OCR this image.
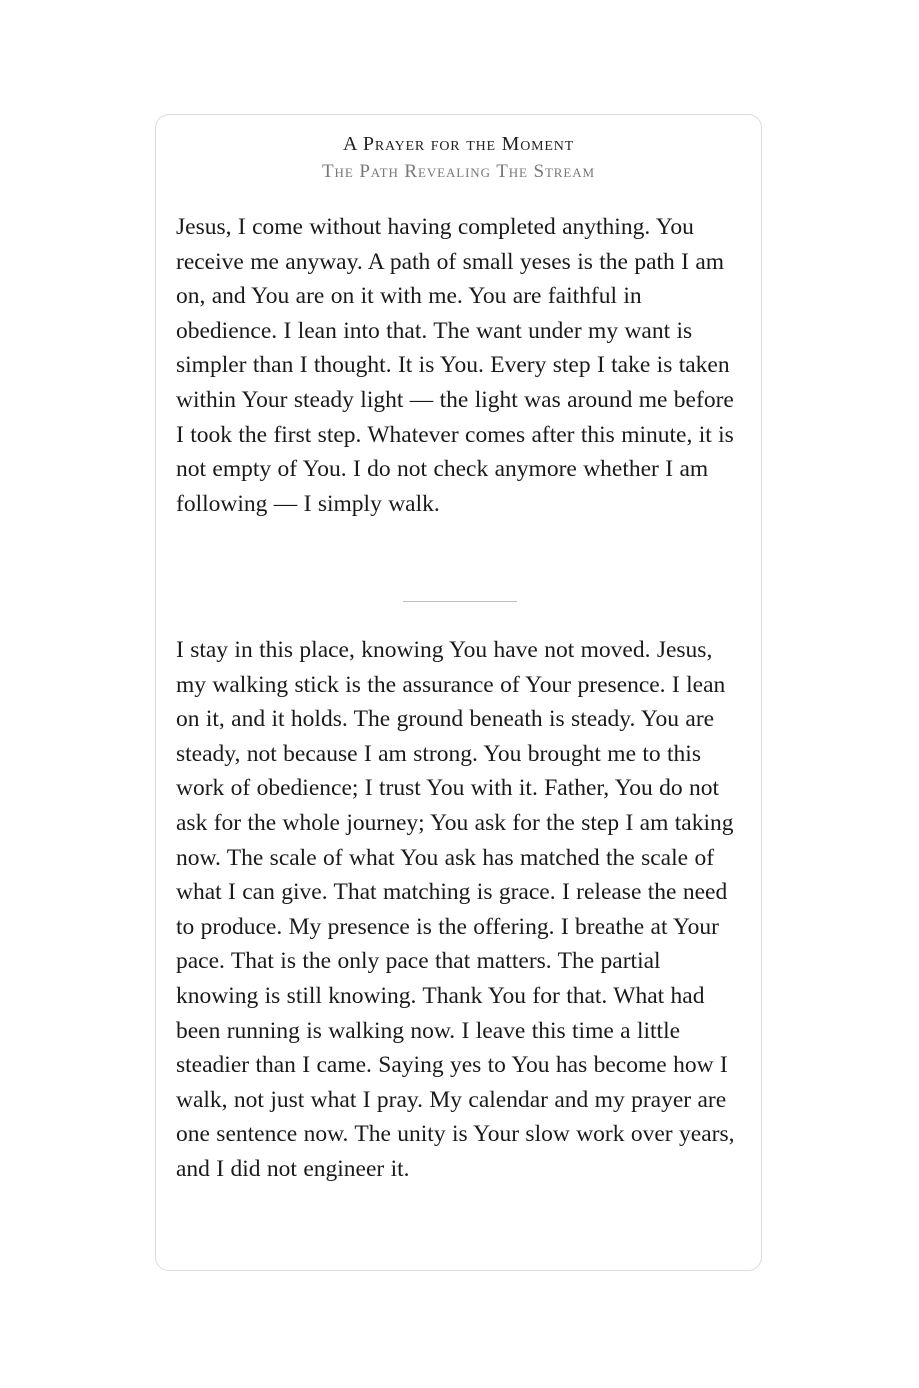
A Prayer for the Moment
The Path Revealing The Stream

Jesus, I come without having completed anything. You receive me anyway. A path of small yeses is the path I am on, and You are on it with me. You are faithful in obedience. I lean into that. The want under my want is simpler than I thought. It is You. Every step I take is taken within Your steady light — the light was around me before I took the first step. Whatever comes after this minute, it is not empty of You. I do not check anymore whether I am following — I simply walk.

I stay in this place, knowing You have not moved. Jesus, my walking stick is the assurance of Your presence. I lean on it, and it holds. The ground beneath is steady. You are steady, not because I am strong. You brought me to this work of obedience; I trust You with it. Father, You do not ask for the whole journey; You ask for the step I am taking now. The scale of what You ask has matched the scale of what I can give. That matching is grace. I release the need to produce. My presence is the offering. I breathe at Your pace. That is the only pace that matters. The partial knowing is still knowing. Thank You for that. What had been running is walking now. I leave this time a little steadier than I came. Saying yes to You has become how I walk, not just what I pray. My calendar and my prayer are one sentence now. The unity is Your slow work over years, and I did not engineer it.
